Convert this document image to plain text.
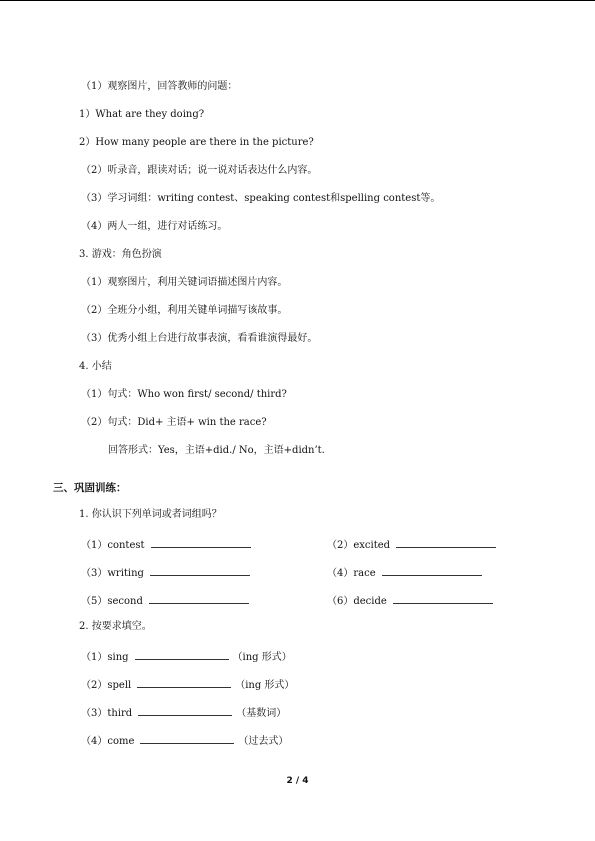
（1）观察图片，回答教师的问题：
1）What are they doing?
2）How many people are there in the picture?
（2）听录音，跟读对话；说一说对话表达什么内容。
（3）学习词组：writing contest、speaking contest和spelling contest等。
（4）两人一组，进行对话练习。
3. 游戏：角色扮演
（1）观察图片，利用关键词语描述图片内容。
（2）全班分小组，利用关键单词描写该故事。
（3）优秀小组上台进行故事表演，看看谁演得最好。
4. 小结
（1）句式：Who won first/ second/ third?
（2）句式：Did+ 主语+ win the race?
回答形式：Yes，主语+did./ No，主语+didn’t.
三、巩固训练：
1. 你认识下列单词或者词组吗？
（1）contest	（2）excited
（3）writing	（4）race
（5）second	（6）decide
2. 按要求填空。
（1）sing	（ing 形式）
（2）spell	（ing 形式）
（3）third	（基数词）
（4）come	（过去式）
2 / 4
